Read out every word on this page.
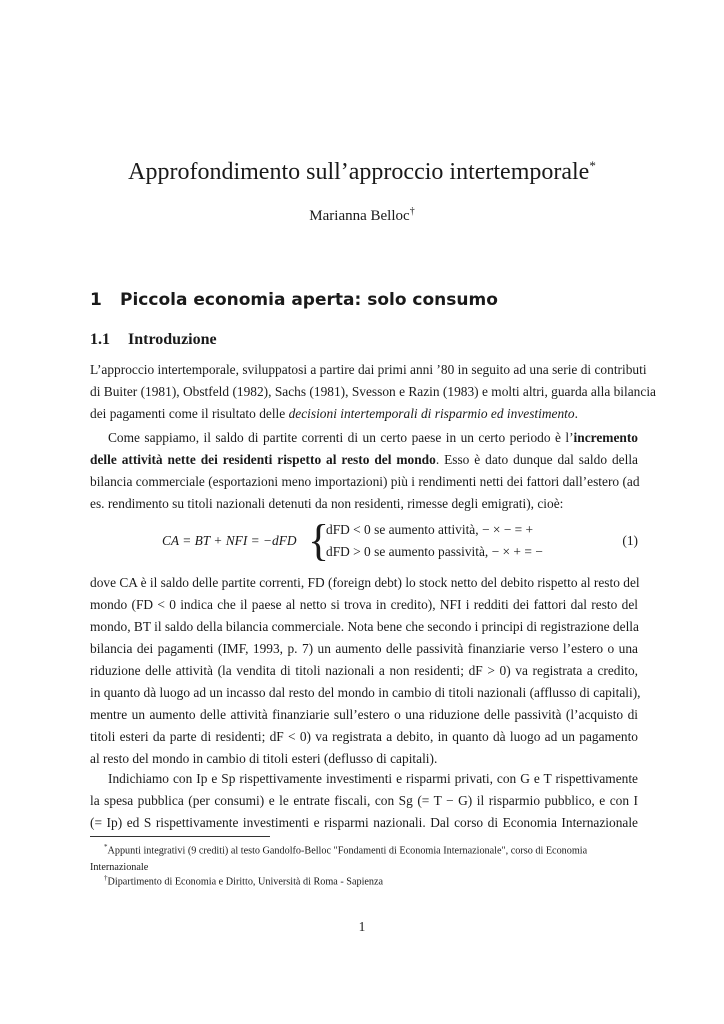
Approfondimento sull’approccio intertemporale*
Marianna Belloc†
1 Piccola economia aperta: solo consumo
1.1 Introduzione
L’approccio intertemporale, sviluppatosi a partire dai primi anni ’80 in seguito ad una serie di contributi
di Buiter (1981), Obstfeld (1982), Sachs (1981), Svesson e Razin (1983) e molti altri, guarda alla bilancia
dei pagamenti come il risultato delle decisioni intertemporali di risparmio ed investimento.
Come sappiamo, il saldo di partite correnti di un certo paese in un certo periodo è l’incremento
delle attività nette dei residenti rispetto al resto del mondo. Esso è dato dunque dal saldo della
bilancia commerciale (esportazioni meno importazioni) più i rendimenti netti dei fattori dall’estero (ad
es. rendimento su titoli nazionali detenuti da non residenti, rimesse degli emigrati), cioè:
CA = BT + NFI = −dFD {
dFD < 0 se aumento attività, − × − = +
dFD > 0 se aumento passività, − × + = −
(1)
dove CA è il saldo delle partite correnti, FD (foreign debt) lo stock netto del debito rispetto al resto del
mondo (FD < 0 indica che il paese al netto si trova in credito), NFI i redditi dei fattori dal resto del
mondo, BT il saldo della bilancia commerciale. Nota bene che secondo i principi di registrazione della
bilancia dei pagamenti (IMF, 1993, p. 7) un aumento delle passività finanziarie verso l’estero o una
riduzione delle attività (la vendita di titoli nazionali a non residenti; dF > 0) va registrata a credito,
in quanto dà luogo ad un incasso dal resto del mondo in cambio di titoli nazionali (afflusso di capitali),
mentre un aumento delle attività finanziarie sull’estero o una riduzione delle passività (l’acquisto di
titoli esteri da parte di residenti; dF < 0) va registrata a debito, in quanto dà luogo ad un pagamento
al resto del mondo in cambio di titoli esteri (deflusso di capitali).
Indichiamo con Ip e Sp rispettivamente investimenti e risparmi privati, con G e T rispettivamente
la spesa pubblica (per consumi) e le entrate fiscali, con Sg (= T − G) il risparmio pubblico, e con I
(= Ip) ed S rispettivamente investimenti e risparmi nazionali. Dal corso di Economia Internazionale
*Appunti integrativi (9 crediti) al testo Gandolfo-Belloc "Fondamenti di Economia Internazionale", corso di Economia
Internazionale
†Dipartimento di Economia e Diritto, Università di Roma - Sapienza
1
